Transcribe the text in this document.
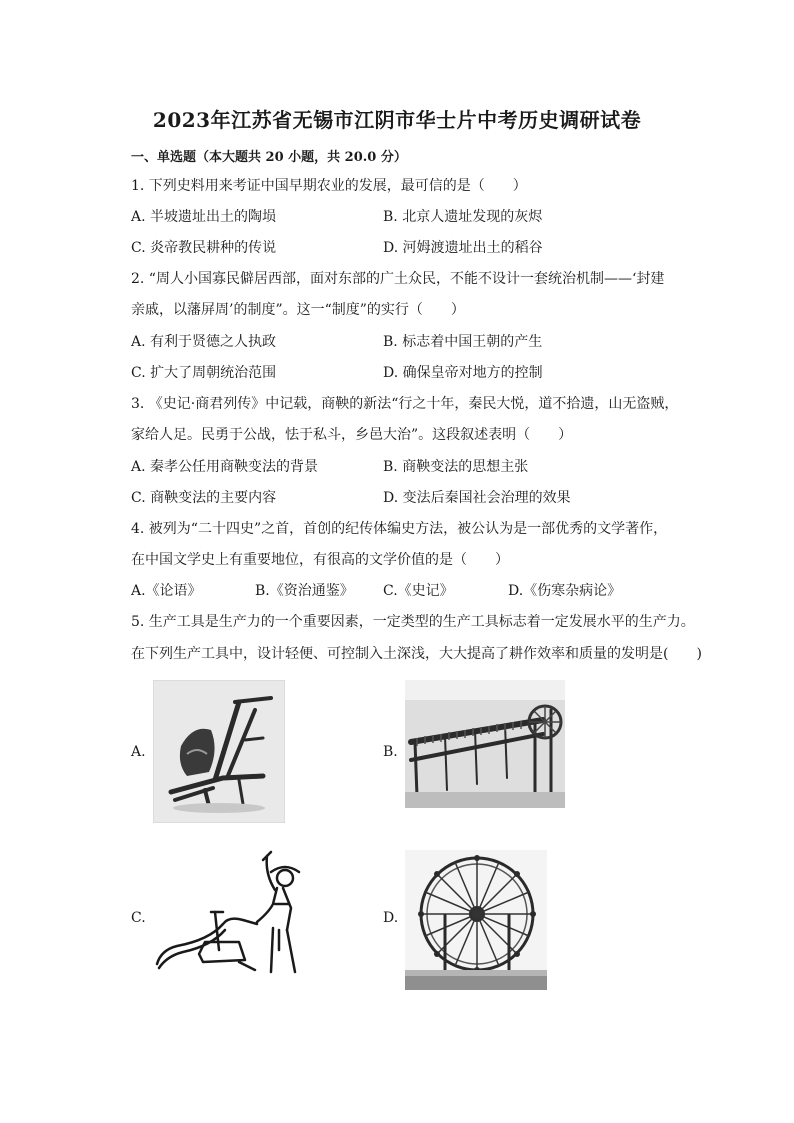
2023年江苏省无锡市江阴市华士片中考历史调研试卷
一、单选题（本大题共 20 小题，共 20.0 分）
1. 下列史料用来考证中国早期农业的发展，最可信的是（　　）
A. 半坡遗址出土的陶埙	B. 北京人遗址发现的灰烬
C. 炎帝教民耕种的传说	D. 河姆渡遗址出土的稻谷
2. “周人小国寡民僻居西部，面对东部的广土众民，不能不设计一套统治机制——‘封建
亲戚，以藩屏周’的制度”。这一“制度”的实行（　　）
A. 有利于贤德之人执政	B. 标志着中国王朝的产生
C. 扩大了周朝统治范围	D. 确保皇帝对地方的控制
3. 《史记·商君列传》中记载，商鞅的新法“行之十年，秦民大悦，道不拾遗，山无盗贼，
家给人足。民勇于公战，怯于私斗，乡邑大治”。这段叙述表明（　　）
A. 秦孝公任用商鞅变法的背景	B. 商鞅变法的思想主张
C. 商鞅变法的主要内容	D. 变法后秦国社会治理的效果
4. 被列为“二十四史”之首，首创的纪传体编史方法，被公认为是一部优秀的文学著作，
在中国文学史上有重要地位，有很高的文学价值的是（　　）
A.《论语》	B.《资治通鉴》 C.《史记》	D.《伤寒杂病论》
5. 生产工具是生产力的一个重要因素，一定类型的生产工具标志着一定发展水平的生产力。
在下列生产工具中，设计轻便、可控制入土深浅，大大提高了耕作效率和质量的发明是(　　)
A.	B.
C.	D.
